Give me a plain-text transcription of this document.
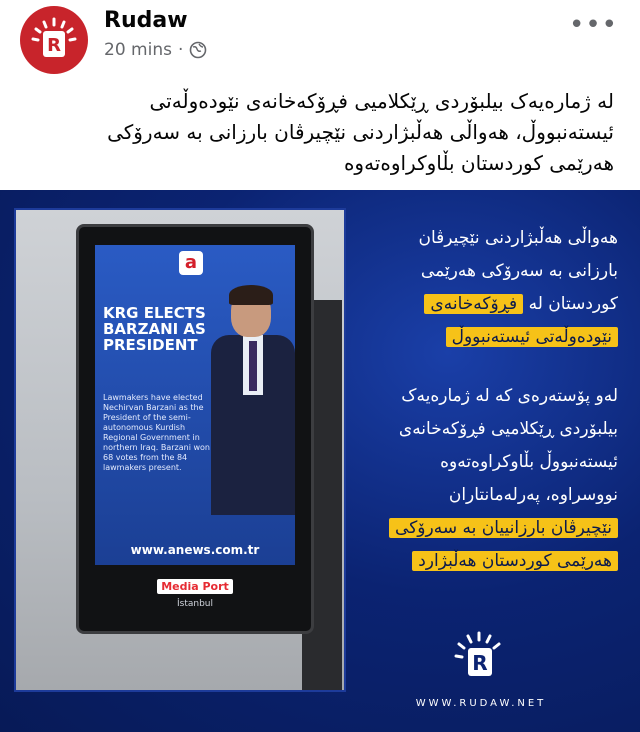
R
Rudaw
20 mins ·
•••
له ژمارەیەک بیلبۆردی ڕێکلامیی فڕۆکەخانەی نێودەوڵەتی
ئیستەنبووڵ، هەواڵی هەڵبژاردنی نێچیرڤان بارزانی بە سەرۆکی
هەرێمی کوردستان بڵاوکراوەتەوە
a
KRG ELECTS BARZANI AS PRESIDENT
Lawmakers have elected Nechirvan Barzani as the President of the semi-autonomous Kurdish Regional Government in northern Iraq. Barzani won 68 votes from the 84 lawmakers present.
www.anews.com.tr
Media Port
İstanbul
هەواڵی هەڵبژاردنی نێچیرڤان
بارزانی بە سەرۆکی هەرێمی
کوردستان لە فڕۆکەخانەی
نێودەوڵەتی ئیستەنبووڵ
لەو پۆستەرەی کە لە ژمارەیەک
بیلبۆردی ڕێکلامیی فڕۆکەخانەی
ئیستەنبووڵ بڵاوکراوەتەوە
نووسراوە، پەرلەمانتاران
نێچیرڤان بارزانییان بە سەرۆکی
هەرێمی کوردستان هەڵبژارد
R
WWW.RUDAW.NET
